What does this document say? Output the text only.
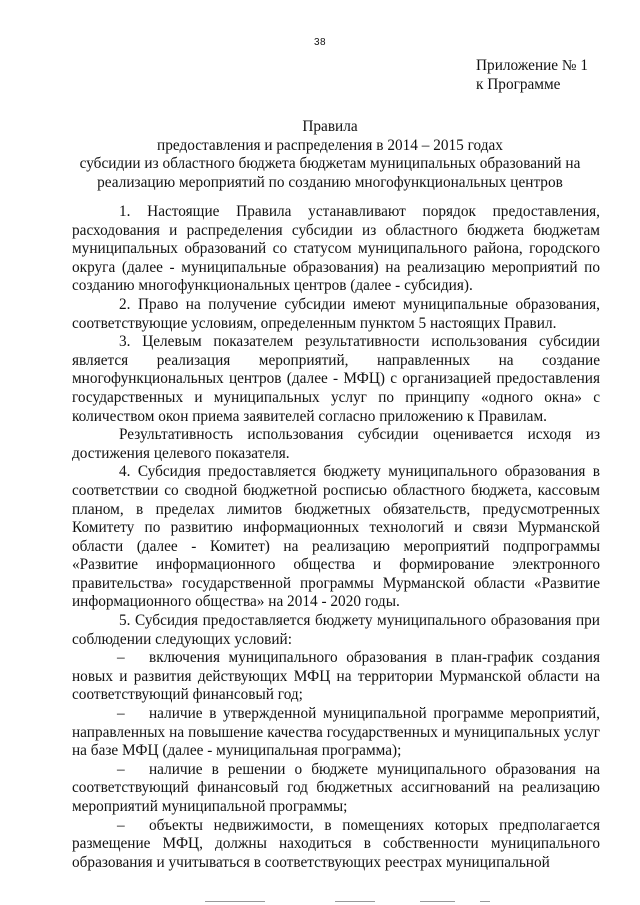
38
Приложение № 1
к Программе
Правила
предоставления и распределения в 2014 – 2015 годах
субсидии из областного бюджета бюджетам муниципальных образований на
реализацию мероприятий по созданию многофункциональных центров

1. Настоящие Правила устанавливают порядок предоставления, расходования и распределения субсидии из областного бюджета бюджетам муниципальных образований со статусом муниципального района, городского округа (далее - муниципальные образования) на реализацию мероприятий по созданию многофункциональных центров (далее - субсидия).

2. Право на получение субсидии имеют муниципальные образования, соответствующие условиям, определенным пунктом 5 настоящих Правил.

3. Целевым показателем результативности использования субсидии является реализация мероприятий, направленных на создание многофункциональных центров (далее - МФЦ) с организацией предоставления государственных и муниципальных услуг по принципу «одного окна» с количеством окон приема заявителей согласно приложению к Правилам.

Результативность использования субсидии оценивается исходя из достижения целевого показателя.

4. Субсидия предоставляется бюджету муниципального образования в соответствии со сводной бюджетной росписью областного бюджета, кассовым планом, в пределах лимитов бюджетных обязательств, предусмотренных Комитету по развитию информационных технологий и связи Мурманской области (далее - Комитет) на реализацию мероприятий подпрограммы «Развитие информационного общества и формирование электронного правительства» государственной программы Мурманской области «Развитие информационного общества» на 2014 - 2020 годы.

5. Субсидия предоставляется бюджету муниципального образования при соблюдении следующих условий:

– включения муниципального образования в план-график создания новых и развития действующих МФЦ на территории Мурманской области на соответствующий финансовый год;

– наличие в утвержденной муниципальной программе мероприятий, направленных на повышение качества государственных и муниципальных услуг на базе МФЦ (далее - муниципальная программа);

– наличие в решении о бюджете муниципального образования на соответствующий финансовый год бюджетных ассигнований на реализацию мероприятий муниципальной программы;

– объекты недвижимости, в помещениях которых предполагается размещение МФЦ, должны находиться в собственности муниципального образования и учитываться в соответствующих реестрах муниципальной
